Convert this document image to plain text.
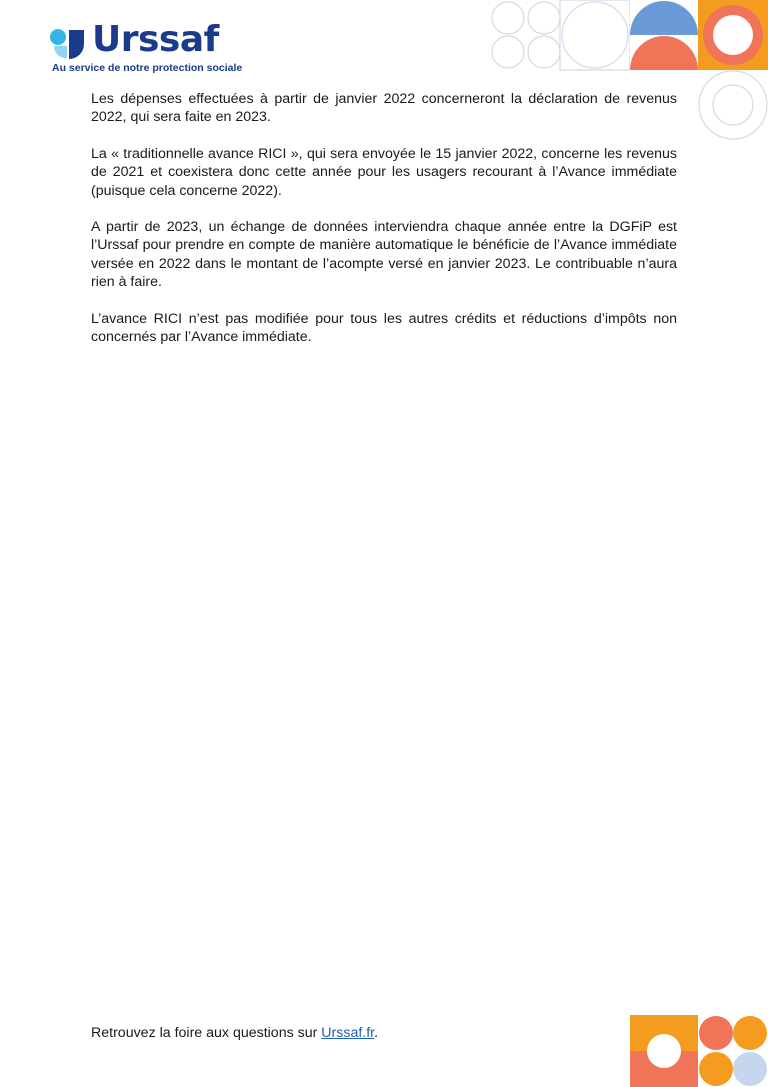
Urssaf
Au service de notre protection sociale

Les dépenses effectuées à partir de janvier 2022 concerneront la déclaration de revenus 2022, qui sera faite en 2023.

La « traditionnelle avance RICI », qui sera envoyée le 15 janvier 2022, concerne les revenus de 2021 et coexistera donc cette année pour les usagers recourant à l’Avance immédiate (puisque cela concerne 2022).

A partir de 2023, un échange de données interviendra chaque année entre la DGFiP est l’Urssaf pour prendre en compte de manière automatique le bénéficie de l’Avance immédiate versée en 2022 dans le montant de l’acompte versé en janvier 2023. Le contribuable n’aura rien à faire.

L’avance RICI n’est pas modifiée pour tous les autres crédits et réductions d’impôts non concernés par l’Avance immédiate.

Retrouvez la foire aux questions sur Urssaf.fr.
